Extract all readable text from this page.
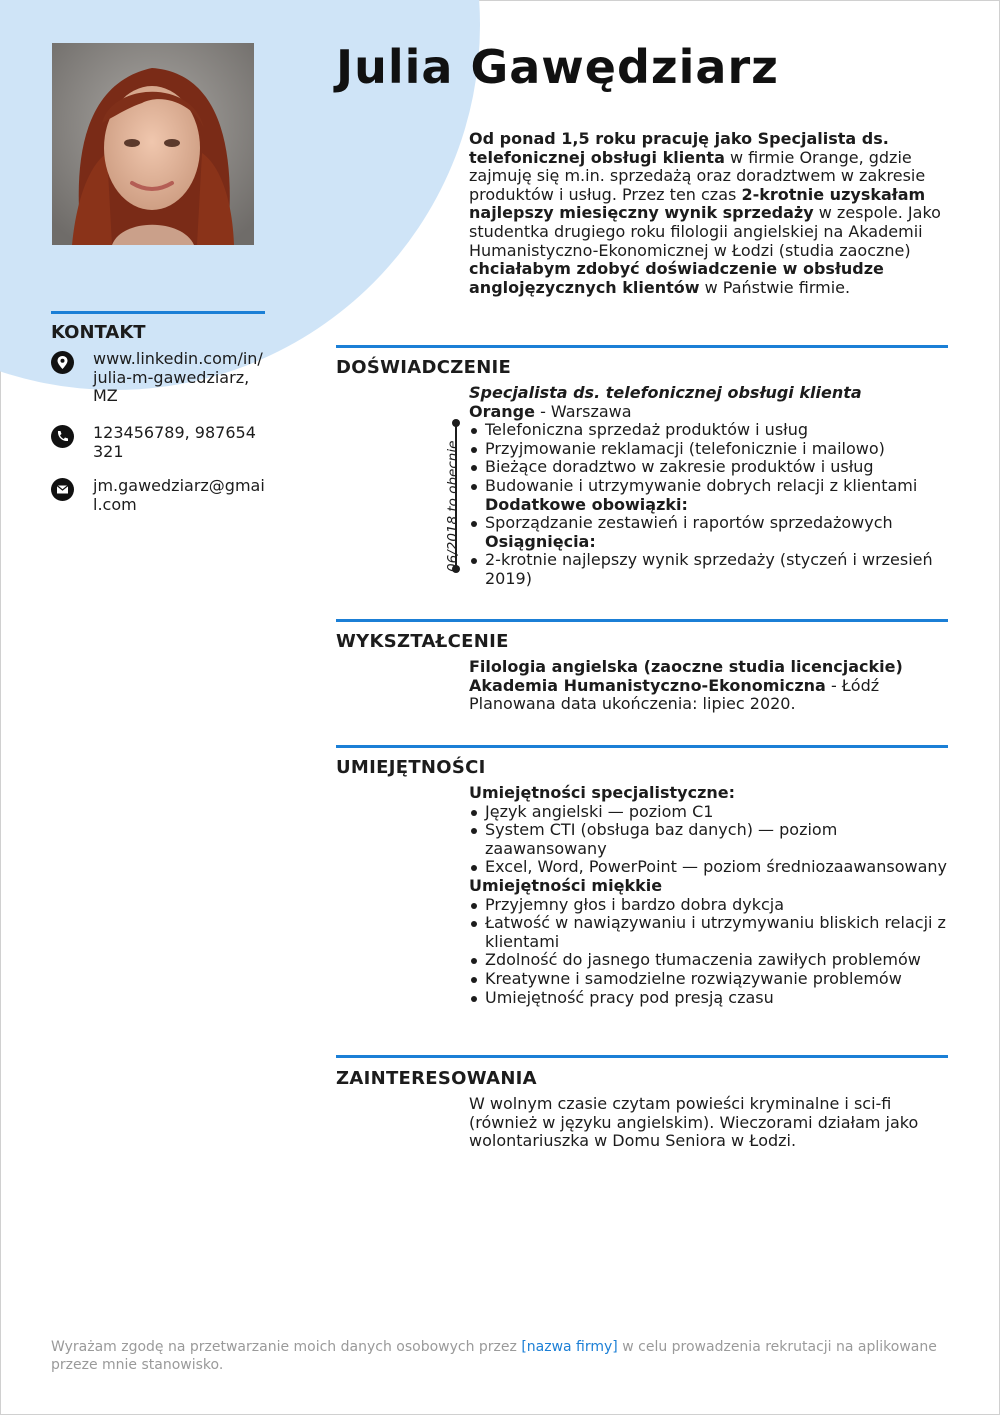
Julia Gawędziarz

Od ponad 1,5 roku pracuję jako Specjalista ds. telefonicznej obsługi klienta w firmie Orange, gdzie zajmuję się m.in. sprzedażą oraz doradztwem w zakresie produktów i usług. Przez ten czas 2-krotnie uzyskałam najlepszy miesięczny wynik sprzedaży w zespole. Jako studentka drugiego roku filologii angielskiej na Akademii Humanistyczno-Ekonomicznej w Łodzi (studia zaoczne) chciałabym zdobyć doświadczenie w obsłudze anglojęzycznych klientów w Państwie firmie.

KONTAKT
www.linkedin.com/in/julia-m-gawedziarz, MZ
123456789, 987654321
jm.gawedziarz@gmail.com
DOŚWIADCZENIE
06/2018 to obecnie

Specjalista ds. telefonicznej obsługi klienta

Orange - Warszawa

Telefoniczna sprzedaż produktów i usług
Przyjmowanie reklamacji (telefonicznie i mailowo)
Bieżące doradztwo w zakresie produktów i usług
Budowanie i utrzymywanie dobrych relacji z klientami

Dodatkowe obowiązki:

Sporządzanie zestawień i raportów sprzedażowych

Osiągnięcia:

2-krotnie najlepszy wynik sprzedaży (styczeń i wrzesień 2019)
WYKSZTAŁCENIE

Filologia angielska (zaoczne studia licencjackie)

Akademia Humanistyczno-Ekonomiczna - Łódź

Planowana data ukończenia: lipiec 2020.

UMIEJĘTNOŚCI

Umiejętności specjalistyczne:

Język angielski — poziom C1
System CTI (obsługa baz danych) — poziom zaawansowany
Excel, Word, PowerPoint — poziom średniozaawansowany

Umiejętności miękkie

Przyjemny głos i bardzo dobra dykcja
Łatwość w nawiązywaniu i utrzymywaniu bliskich relacji z klientami
Zdolność do jasnego tłumaczenia zawiłych problemów
Kreatywne i samodzielne rozwiązywanie problemów
Umiejętność pracy pod presją czasu
ZAINTERESOWANIA

W wolnym czasie czytam powieści kryminalne i sci-fi (również w języku angielskim). Wieczorami działam jako wolontariuszka w Domu Seniora w Łodzi.

Wyrażam zgodę na przetwarzanie moich danych osobowych przez [nazwa firmy] w celu prowadzenia rekrutacji na aplikowane przeze mnie stanowisko.
